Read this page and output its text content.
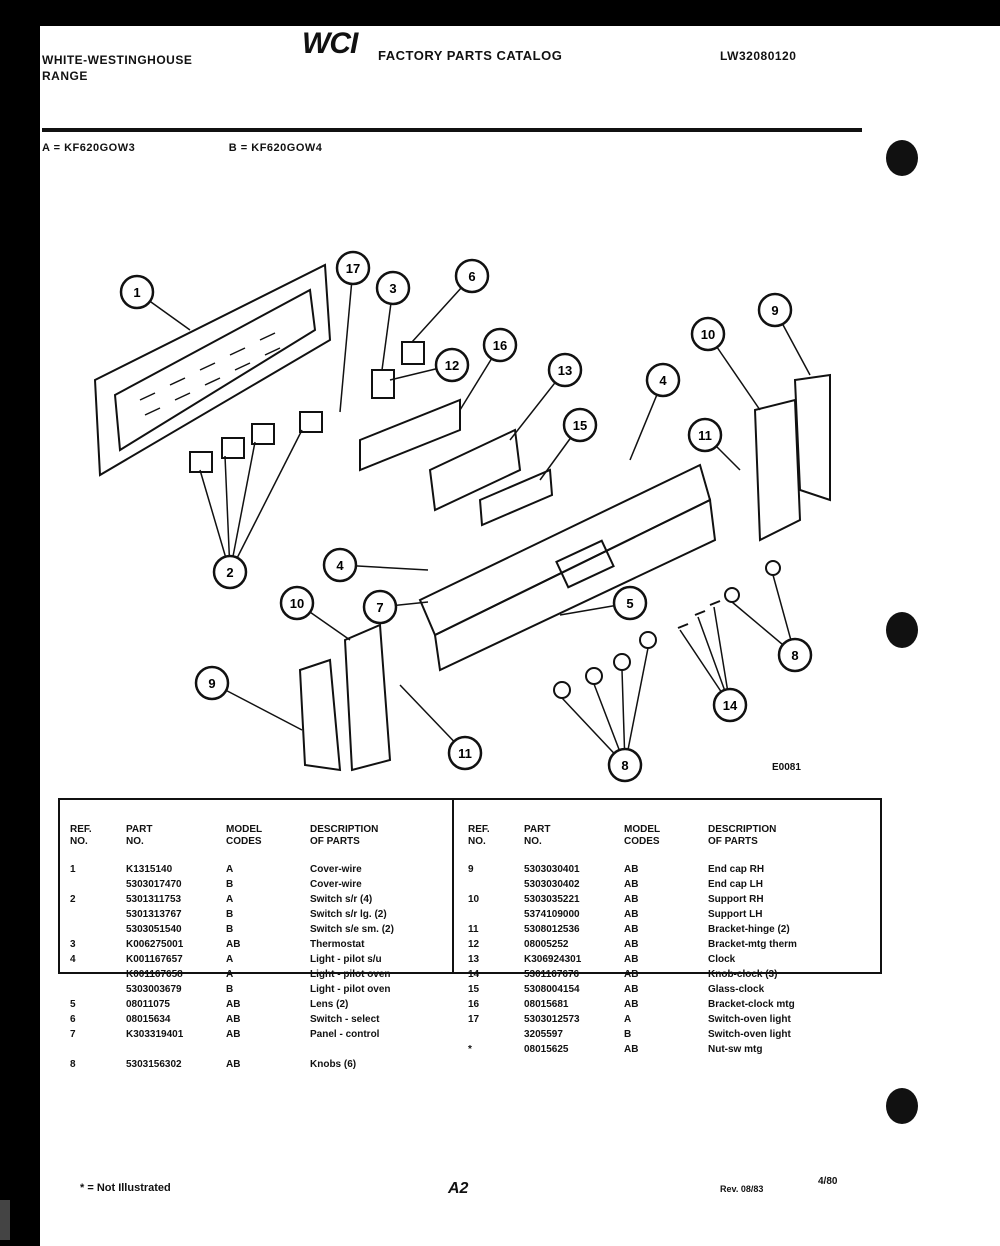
WHITE-WESTINGHOUSE
RANGE
WCI FACTORY PARTS CATALOG	LW32080120
A = KF620GOW3	B = KF620GOW4
1
2
3
4
4
5
6
7
8
8
9
9
10
10
11
11
12	13
14
15
16
17
E0081
REF.
NO.
PART
NO.
MODEL
CODES
DESCRIPTION
OF PARTS
1	K1315140	A	Cover-wire
5303017470	B	Cover-wire
2	5301311753	A	Switch s/r (4)
5301313767	B	Switch s/r lg. (2)
5303051540	B	Switch s/e sm. (2)
3	K006275001	AB	Thermostat
4	K001167657	A	Light - pilot s/u
K001167658	A	Light - pilot oven
5303003679	B	Light - pilot oven
5	08011075	AB	Lens (2)
6	08015634	AB	Switch - select
7	K303319401	AB	Panel - control
8	5303156302	AB	Knobs (6)
REF.
NO.
PART
NO.
MODEL
CODES
DESCRIPTION
OF PARTS
9	5303030401	AB	End cap RH
5303030402	AB	End cap LH
10	5303035221	AB	Support RH
5374109000	AB	Support LH
11	5308012536	AB	Bracket-hinge (2)
12	08005252	AB	Bracket-mtg therm
13	K306924301	AB	Clock
14	5301167676	AB	Knob-clock (3)
15	5308004154	AB	Glass-clock
16	08015681	AB	Bracket-clock mtg
17	5303012573	A	Switch-oven light
3205597	B	Switch-oven light
*	08015625	AB	Nut-sw mtg
* = Not Illustrated	A2	Rev. 08/83
4/80
